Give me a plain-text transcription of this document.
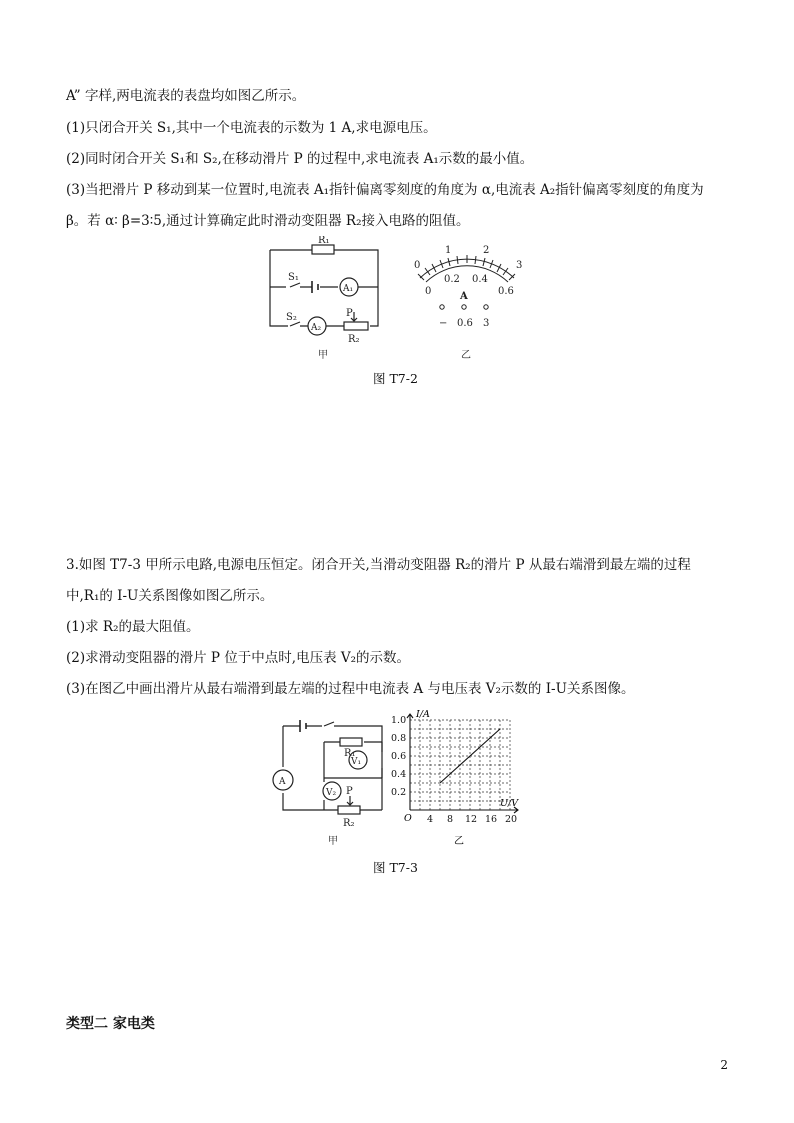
A” 字样,两电流表的表盘均如图乙所示。
(1)只闭合开关 S₁,其中一个电流表的示数为 1 A,求电源电压。
(2)同时闭合开关 S₁和 S₂,在移动滑片 P 的过程中,求电流表 A₁示数的最小值。
(3)当把滑片 P 移动到某一位置时,电流表 A₁指针偏离零刻度的角度为 α,电流表 A₂指针偏离零刻度的角度为
β。若 α∶ β=3∶5,通过计算确定此时滑动变阻器 R₂接入电路的阻值。
R₁
S₁
A₁
S₂
A₂
P
R₂
甲
0
1	2
3
0
0.2 0.4
0.6
A
− 0.6 3
乙
图 T7-2
3.如图 T7-3 甲所示电路,电源电压恒定。闭合开关,当滑动变阻器 R₂的滑片 P 从最右端滑到最左端的过程
中,R₁的 I-U关系图像如图乙所示。
(1)求 R₂的最大阻值。
(2)求滑动变阻器的滑片 P 位于中点时,电压表 V₂的示数。
(3)在图乙中画出滑片从最右端滑到最左端的过程中电流表 A 与电压表 V₂示数的 I-U关系图像。
A
V₁
V₂
R₁
P
R₂
甲
4 8 12 16 20
0.2
0.4
0.6
0.8
1.0
U/V
I/A
O
乙
图 T7-3
类型二 家电类
2
